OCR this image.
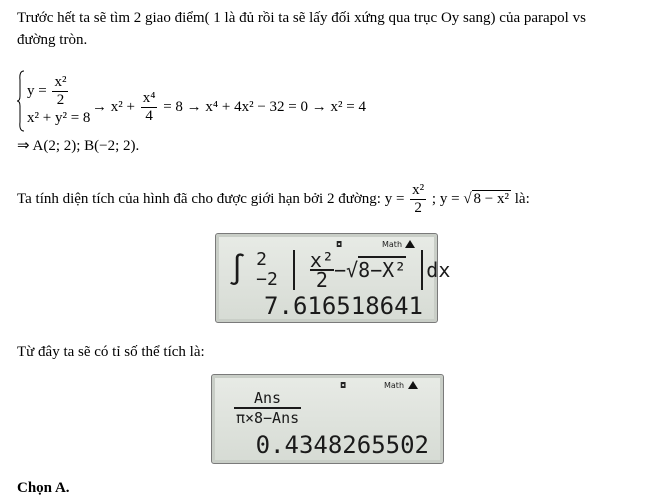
Trước hết ta sẽ tìm 2 giao điểm( 1 là đủ rồi ta sẽ lấy đối xứng qua trục Oy sang) của parapol vs
đường tròn.
$y = \frac{\text{x²}}{2}$
x² + y² = 8
→ $x^2 + \frac{\text{x⁴}}{4} = 8 \to x^4 + 4x^2 - 32 = 0 \to x^2 = 4$
⇒ A(2; 2); B(−2; 2).
Ta tính diện tích của hình đã cho được giới hạn bởi 2 đường: $y = \frac{\text{x²}}{2}$ ; y = √ 8 − x² là:
◘	Math
∫ 2
−2
$\frac{\text{x²}}{2} -√8-X^2$ dx
7.616518641
Từ đây ta sẽ có tỉ số thể tích là:
◘	Math
$\frac{\text{Ans}}{\text{π×8−Ans}}$
0.4348265502
Chọn A.
